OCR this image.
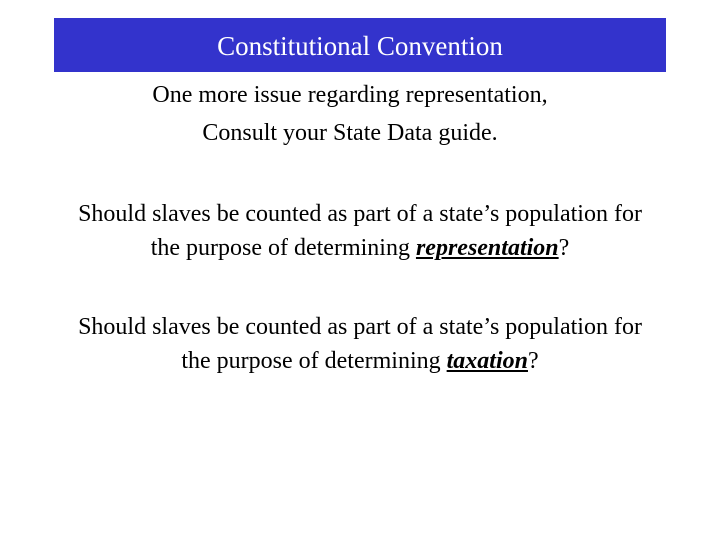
Constitutional Convention
One more issue regarding representation,
Consult your State Data guide.
Should slaves be counted as part of a state’s population for
the purpose of determining representation?
Should slaves be counted as part of a state’s population for
the purpose of determining taxation?
